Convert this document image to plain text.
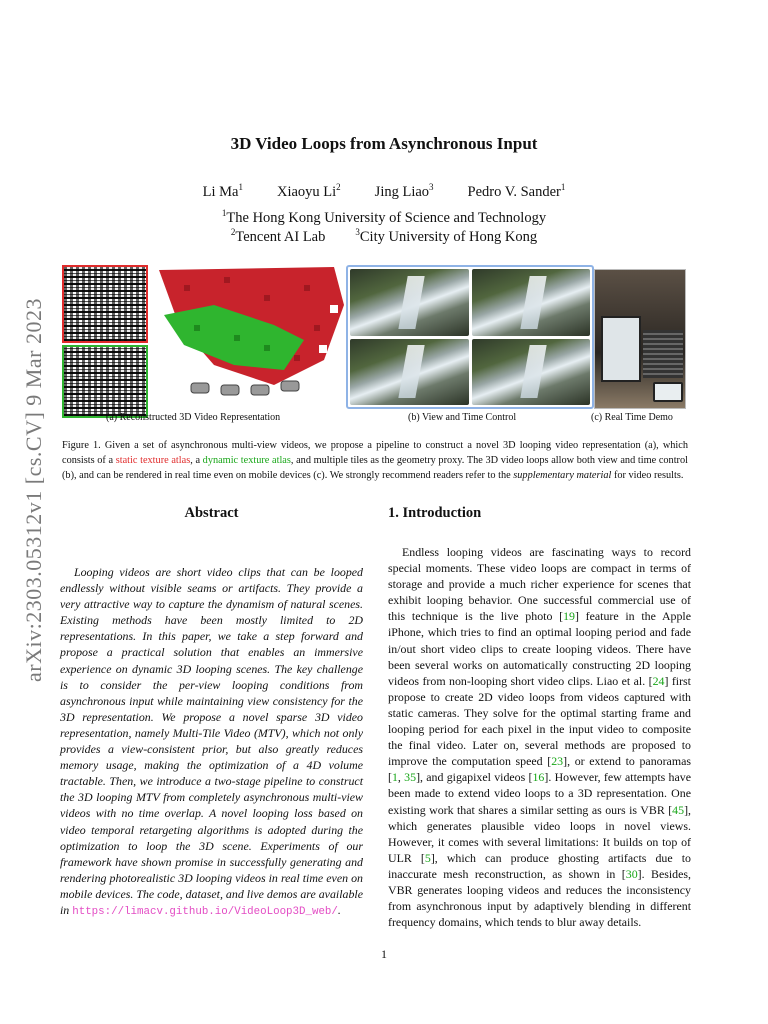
arXiv:2303.05312v1 [cs.CV] 9 Mar 2023
3D Video Loops from Asynchronous Input
Li Ma$^1$ Xiaoyu Li$^2$ Jing Liao$^3$ Pedro V. Sander$^1$
$^1$The Hong Kong University of Science and Technology
$^2$Tencent AI Lab	$^3$City University of Hong Kong
(a) Reconstructed 3D Video Representation	(b) View and Time Control	(c) Real Time Demo
Figure 1. Given a set of asynchronous multi-view videos, we propose a pipeline to construct a novel 3D looping video representation (a), which consists of a static texture atlas, a dynamic texture atlas, and multiple tiles as the geometry proxy. The 3D video loops allow both view and time control (b), and can be rendered in real time even on mobile devices (c). We strongly recommend readers refer to the supplementary material for video results.
Abstract
Looping videos are short video clips that can be looped endlessly without visible seams or artifacts. They provide a very attractive way to capture the dynamism of natural scenes. Existing methods have been mostly limited to 2D representations. In this paper, we take a step forward and propose a practical solution that enables an immersive experience on dynamic 3D looping scenes. The key challenge is to consider the per-view looping conditions from asynchronous input while maintaining view consistency for the 3D representation. We propose a novel sparse 3D video representation, namely Multi-Tile Video (MTV), which not only provides a view-consistent prior, but also greatly reduces memory usage, making the optimization of a 4D volume tractable. Then, we introduce a two-stage pipeline to construct the 3D looping MTV from completely asynchronous multi-view videos with no time overlap. A novel looping loss based on video temporal retargeting algorithms is adopted during the optimization to loop the 3D scene. Experiments of our framework have shown promise in successfully generating and rendering photorealistic 3D looping videos in real time even on mobile devices. The code, dataset, and live demos are available in https://limacv.github.io/VideoLoop3D_web/.
1. Introduction
Endless looping videos are fascinating ways to record special moments. These video loops are compact in terms of storage and provide a much richer experience for scenes that exhibit looping behavior. One successful commercial use of this technique is the live photo [19] feature in the Apple iPhone, which tries to find an optimal looping period and fade in/out short video clips to create looping videos. There have been several works on automatically constructing 2D looping videos from non-looping short video clips. Liao et al. [24] first propose to create 2D video loops from videos captured with static cameras. They solve for the optimal starting frame and looping period for each pixel in the input video to composite the final video. Later on, several methods are proposed to improve the computation speed [23], or extend to panoramas [1, 35], and gigapixel videos [16]. However, few attempts have been made to extend video loops to a 3D representation. One existing work that shares a similar setting as ours is VBR [45], which generates plausible video loops in novel views. However, it comes with several limitations: It builds on top of ULR [5], which can produce ghosting artifacts due to inaccurate mesh reconstruction, as shown in [30]. Besides, VBR generates looping videos and reduces the inconsistency from asynchronous input by adaptively blending in different frequency domains, which tends to blur away details.
1
